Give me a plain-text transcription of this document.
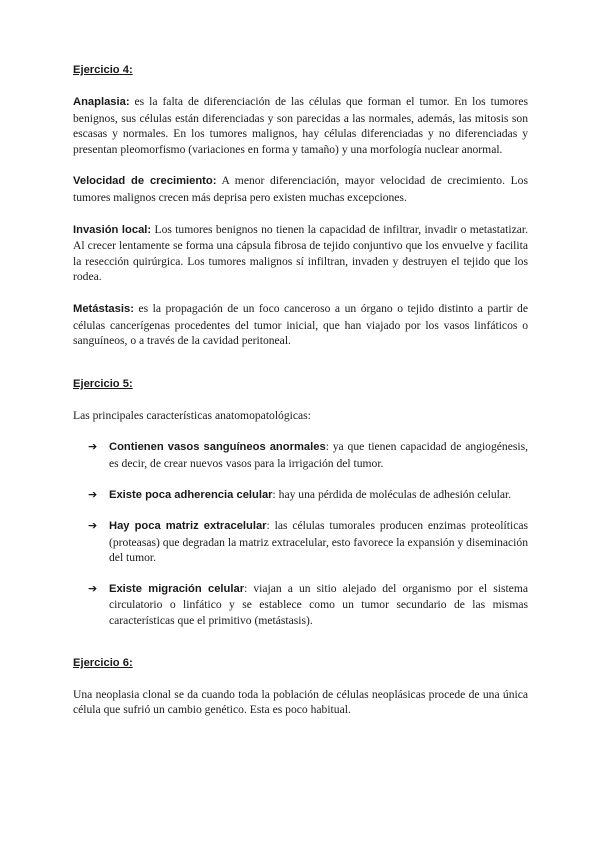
Ejercicio 4:

Anaplasia: es la falta de diferenciación de las células que forman el tumor. En los tumores benignos, sus células están diferenciadas y son parecidas a las normales, además, las mitosis son escasas y normales. En los tumores malignos, hay células diferenciadas y no diferenciadas y presentan pleomorfismo (variaciones en forma y tamaño) y una morfología nuclear anormal.

Velocidad de crecimiento: A menor diferenciación, mayor velocidad de crecimiento. Los tumores malignos crecen más deprisa pero existen muchas excepciones.

Invasión local: Los tumores benignos no tienen la capacidad de infiltrar, invadir o metastatizar. Al crecer lentamente se forma una cápsula fibrosa de tejido conjuntivo que los envuelve y facilita la resección quirúrgica. Los tumores malignos sí infiltran, invaden y destruyen el tejido que los rodea.

Metástasis: es la propagación de un foco canceroso a un órgano o tejido distinto a partir de células cancerígenas procedentes del tumor inicial, que han viajado por los vasos linfáticos o sanguíneos, o a través de la cavidad peritoneal.

Ejercicio 5:

Las principales características anatomopatológicas:

➔ Contienen vasos sanguíneos anormales: ya que tienen capacidad de angiogénesis, es decir, de crear nuevos vasos para la irrigación del tumor.
➔ Existe poca adherencia celular: hay una pérdida de moléculas de adhesión celular.
➔ Hay poca matriz extracelular: las células tumorales producen enzimas proteolíticas (proteasas) que degradan la matriz extracelular, esto favorece la expansión y diseminación del tumor.
➔ Existe migración celular: viajan a un sitio alejado del organismo por el sistema circulatorio o linfático y se establece como un tumor secundario de las mismas características que el primitivo (metástasis).
Ejercicio 6:

Una neoplasia clonal se da cuando toda la población de células neoplásicas procede de una única célula que sufrió un cambio genético. Esta es poco habitual.
